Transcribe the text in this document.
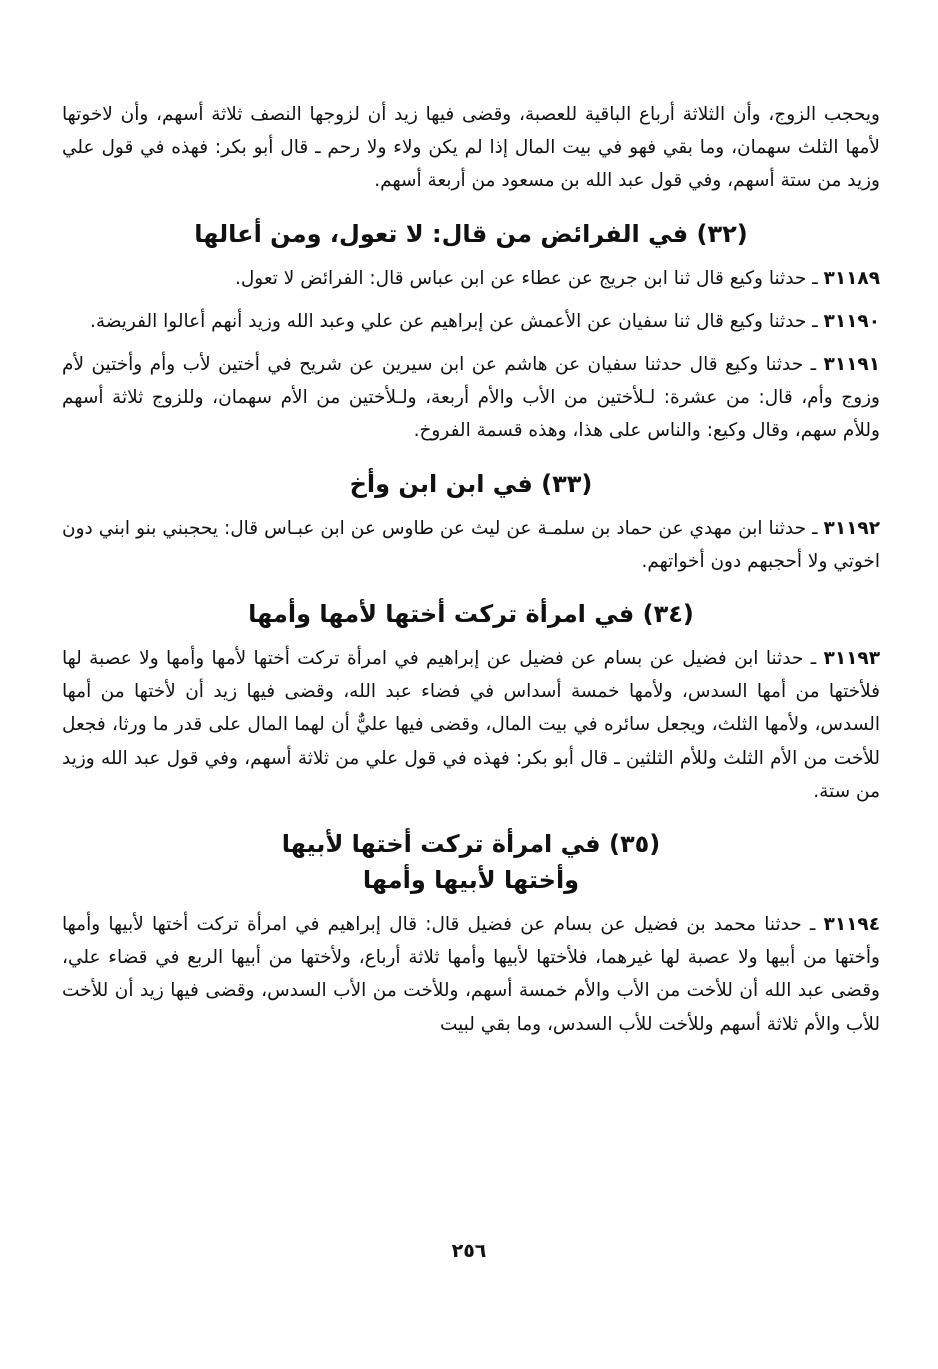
ويحجب الزوج، وأن الثلاثة أرباع الباقية للعصبة، وقضى فيها زيد أن لزوجها النصف ثلاثة أسهم، وأن لاخوتها لأمها الثلث سهمان، وما بقي فهو في بيت المال إذا لم يكن ولاء ولا رحم ـ قال أبو بكر: فهذه في قول علي وزيد من ستة أسهم، وفي قول عبد الله بن مسعود من أربعة أسهم.

(٣٢) في الفرائض من قال: لا تعول، ومن أعالها

٣١١٨٩ ـ حدثنا وكيع قال ثنا ابن جريج عن عطاء عن ابن عباس قال: الفرائض لا تعول.

٣١١٩٠ ـ حدثنا وكيع قال ثنا سفيان عن الأعمش عن إبراهيم عن علي وعبد الله وزيد أنهم أعالوا الفريضة.

٣١١٩١ ـ حدثنا وكيع قال حدثنا سفيان عن هاشم عن ابن سيرين عن شريح في أختين لأب وأم وأختين لأم وزوج وأم، قال: من عشرة: لـلأختين من الأب والأم أربعة، ولـلأختين من الأم سهمان، وللزوج ثلاثة أسهم وللأم سهم، وقال وكيع: والناس على هذا، وهذه قسمة الفروخ.

(٣٣) في ابن ابن وأخ

٣١١٩٢ ـ حدثنا ابن مهدي عن حماد بن سلمـة عن ليث عن طاوس عن ابن عبـاس قال: يحجبني بنو ابني دون اخوتي ولا أحجبهم دون أخواتهم.

(٣٤) في امرأة تركت أختها لأمها وأمها

٣١١٩٣ ـ حدثنا ابن فضيل عن بسام عن فضيل عن إبراهيم في امرأة تركت أختها لأمها وأمها ولا عصبة لها فلأختها من أمها السدس، ولأمها خمسة أسداس في فضاء عبد الله، وقضى فيها زيد أن لأختها من أمها السدس، ولأمها الثلث، ويجعل سائره في بيت المال، وقضى فيها عليٌّ أن لهما المال على قدر ما ورثا، فجعل للأخت من الأم الثلث وللأم الثلثين ـ قال أبو بكر: فهذه في قول علي من ثلاثة أسهم، وفي قول عبد الله وزيد من ستة.

(٣٥) في امرأة تركت أختها لأبيها
وأختها لأبيها وأمها

٣١١٩٤ ـ حدثنا محمد بن فضيل عن بسام عن فضيل قال: قال إبراهيم في امرأة تركت أختها لأبيها وأمها وأختها من أبيها ولا عصبة لها غيرهما، فلأختها لأبيها وأمها ثلاثة أرباع، ولأختها من أبيها الربع في قضاء علي، وقضى عبد الله أن للأخت من الأب والأم خمسة أسهم، وللأخت من الأب السدس، وقضى فيها زيد أن للأخت للأب والأم ثلاثة أسهم وللأخت للأب السدس، وما بقي لبيت

٢٥٦
